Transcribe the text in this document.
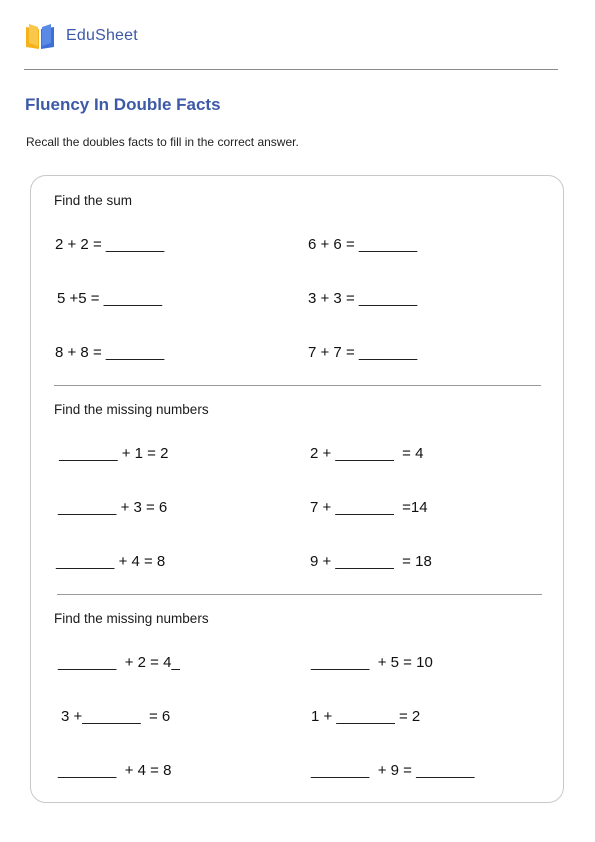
EduSheet
Fluency In Double Facts
Recall the doubles facts to fill in the correct answer.
Find the sum
2 + 2 = _______	6 + 6 = _______
5 +5 = _______	3 + 3 = _______
8 + 8 = _______	7 + 7 = _______
Find the missing numbers
_______ + 1 = 2	2 + _______  = 4
_______ + 3 = 6	7 + _______  =14
_______ + 4 = 8	9 + _______  = 18
Find the missing numbers
_______  + 2 = 4_	_______  + 5 = 10
3 +_______  = 6	1 + _______ = 2
_______  + 4 = 8	_______  + 9 = _______
